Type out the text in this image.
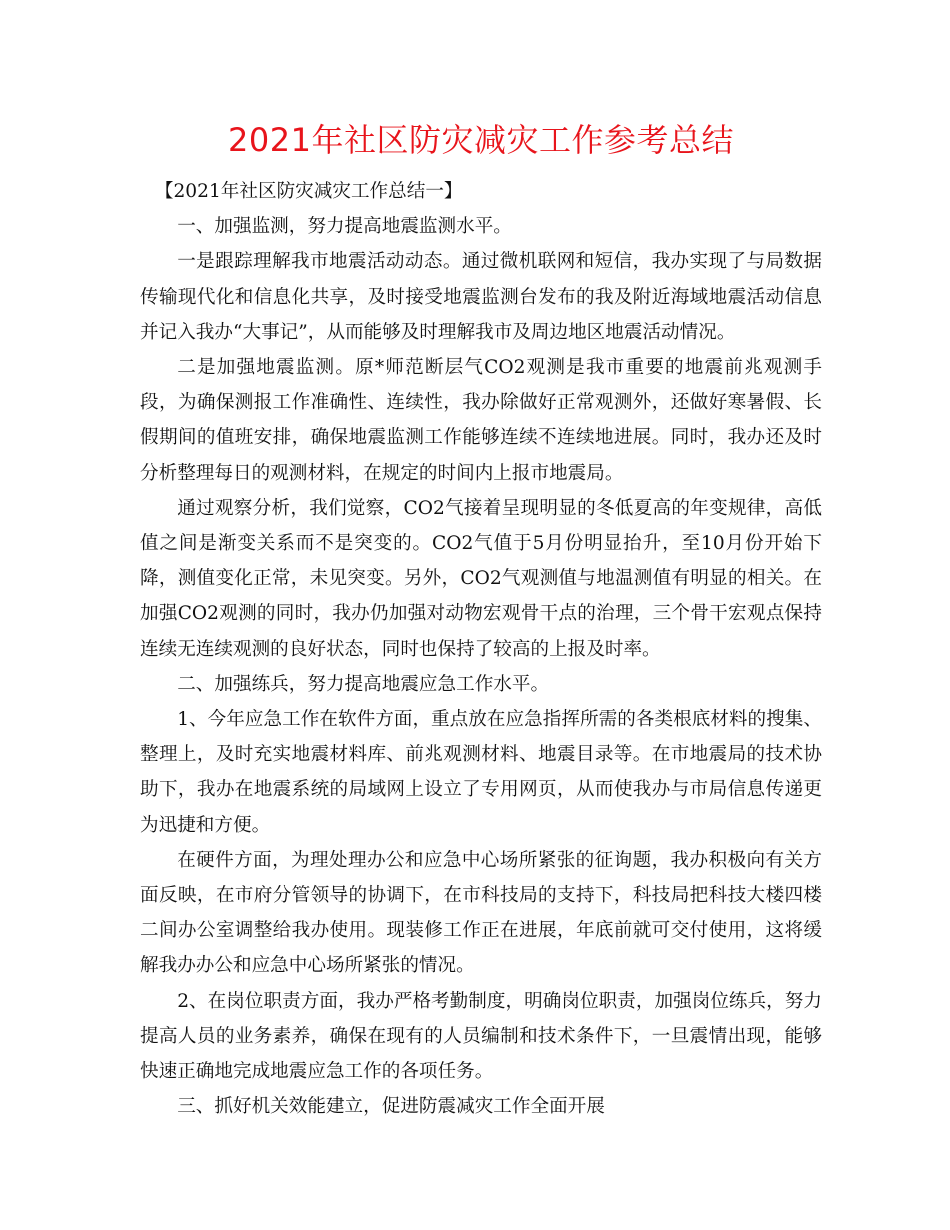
2021年社区防灾减灾工作参考总结

【2021年社区防灾减灾工作总结一】

一、加强监测，努力提高地震监测水平。

一是跟踪理解我市地震活动动态。通过微机联网和短信，我办实现了与局数据传输现代化和信息化共享，及时接受地震监测台发布的我及附近海域地震活动信息并记入我办“大事记”，从而能够及时理解我市及周边地区地震活动情况。

二是加强地震监测。原*师范断层气CO2观测是我市重要的地震前兆观测手段，为确保测报工作准确性、连续性，我办除做好正常观测外，还做好寒暑假、长假期间的值班安排，确保地震监测工作能够连续不连续地进展。同时，我办还及时分析整理每日的观测材料，在规定的时间内上报市地震局。

通过观察分析，我们觉察，CO2气接着呈现明显的冬低夏高的年变规律，高低值之间是渐变关系而不是突变的。CO2气值于5月份明显抬升，至10月份开始下降，测值变化正常，未见突变。另外，CO2气观测值与地温测值有明显的相关。在加强CO2观测的同时，我办仍加强对动物宏观骨干点的治理，三个骨干宏观点保持连续无连续观测的良好状态，同时也保持了较高的上报及时率。

二、加强练兵，努力提高地震应急工作水平。

1、今年应急工作在软件方面，重点放在应急指挥所需的各类根底材料的搜集、整理上，及时充实地震材料库、前兆观测材料、地震目录等。在市地震局的技术协助下，我办在地震系统的局域网上设立了专用网页，从而使我办与市局信息传递更为迅捷和方便。

在硬件方面，为理处理办公和应急中心场所紧张的征询题，我办积极向有关方面反映，在市府分管领导的协调下，在市科技局的支持下，科技局把科技大楼四楼二间办公室调整给我办使用。现装修工作正在进展，年底前就可交付使用，这将缓解我办办公和应急中心场所紧张的情况。

2、在岗位职责方面，我办严格考勤制度，明确岗位职责，加强岗位练兵，努力提高人员的业务素养，确保在现有的人员编制和技术条件下，一旦震情出现，能够快速正确地完成地震应急工作的各项任务。

三、抓好机关效能建立，促进防震减灾工作全面开展
